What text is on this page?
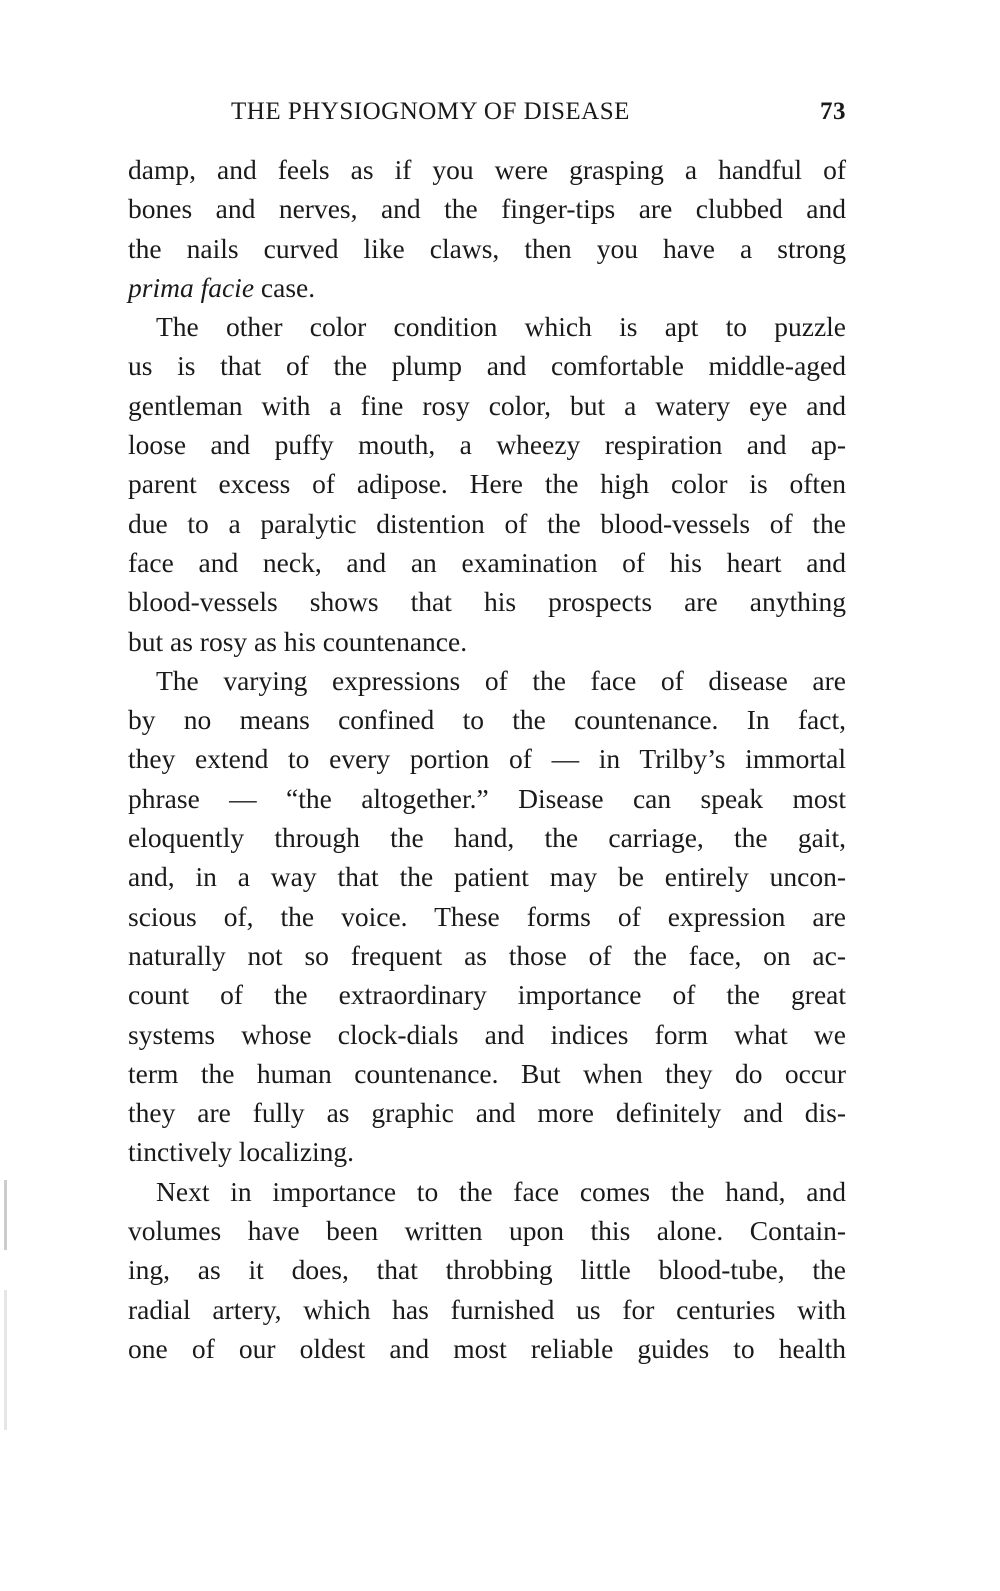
THE PHYSIOGNOMY OF DISEASE	73

damp, and feels as if you were grasping a handful of
bones and nerves, and the finger-tips are clubbed and
the nails curved like claws, then you have a strong
prima facie case.

The other color condition which is apt to puzzle
us is that of the plump and comfortable middle-aged
gentleman with a fine rosy color, but a watery eye and
loose and puffy mouth, a wheezy respiration and ap-
parent excess of adipose. Here the high color is often
due to a paralytic distention of the blood-vessels of the
face and neck, and an examination of his heart and
blood-vessels shows that his prospects are anything
but as rosy as his countenance.

The varying expressions of the face of disease are
by no means confined to the countenance. In fact,
they extend to every portion of — in Trilby’s immortal
phrase — “the altogether.” Disease can speak most
eloquently through the hand, the carriage, the gait,
and, in a way that the patient may be entirely uncon-
scious of, the voice. These forms of expression are
naturally not so frequent as those of the face, on ac-
count of the extraordinary importance of the great
systems whose clock-dials and indices form what we
term the human countenance. But when they do occur
they are fully as graphic and more definitely and dis-
tinctively localizing.

Next in importance to the face comes the hand, and
volumes have been written upon this alone. Contain-
ing, as it does, that throbbing little blood-tube, the
radial artery, which has furnished us for centuries with
one of our oldest and most reliable guides to health
